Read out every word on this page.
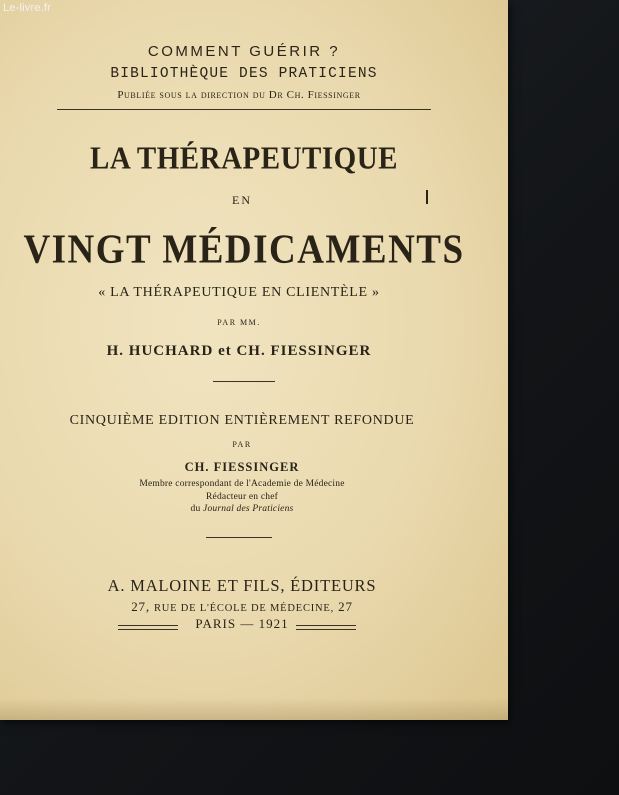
COMMENT GUÉRIR ?
BIBLIOTHÈQUE DES PRATICIENS
Publiée sous la direction du Dr Ch. Fiessinger
LA THÉRAPEUTIQUE
EN
VINGT MÉDICAMENTS
« LA THÉRAPEUTIQUE EN CLIENTÈLE »
PAR MM.
H. HUCHARD et CH. FIESSINGER
CINQUIÈME EDITION ENTIÈREMENT REFONDUE
PAR
CH. FIESSINGER
Membre correspondant de l'Academie de Médecine
Rédacteur en chef
du Journal des Praticiens
A. MALOINE ET FILS, ÉDITEURS
27, RUE DE L'ÉCOLE DE MÉDECINE, 27
PARIS — 1921
Le-livre.fr
